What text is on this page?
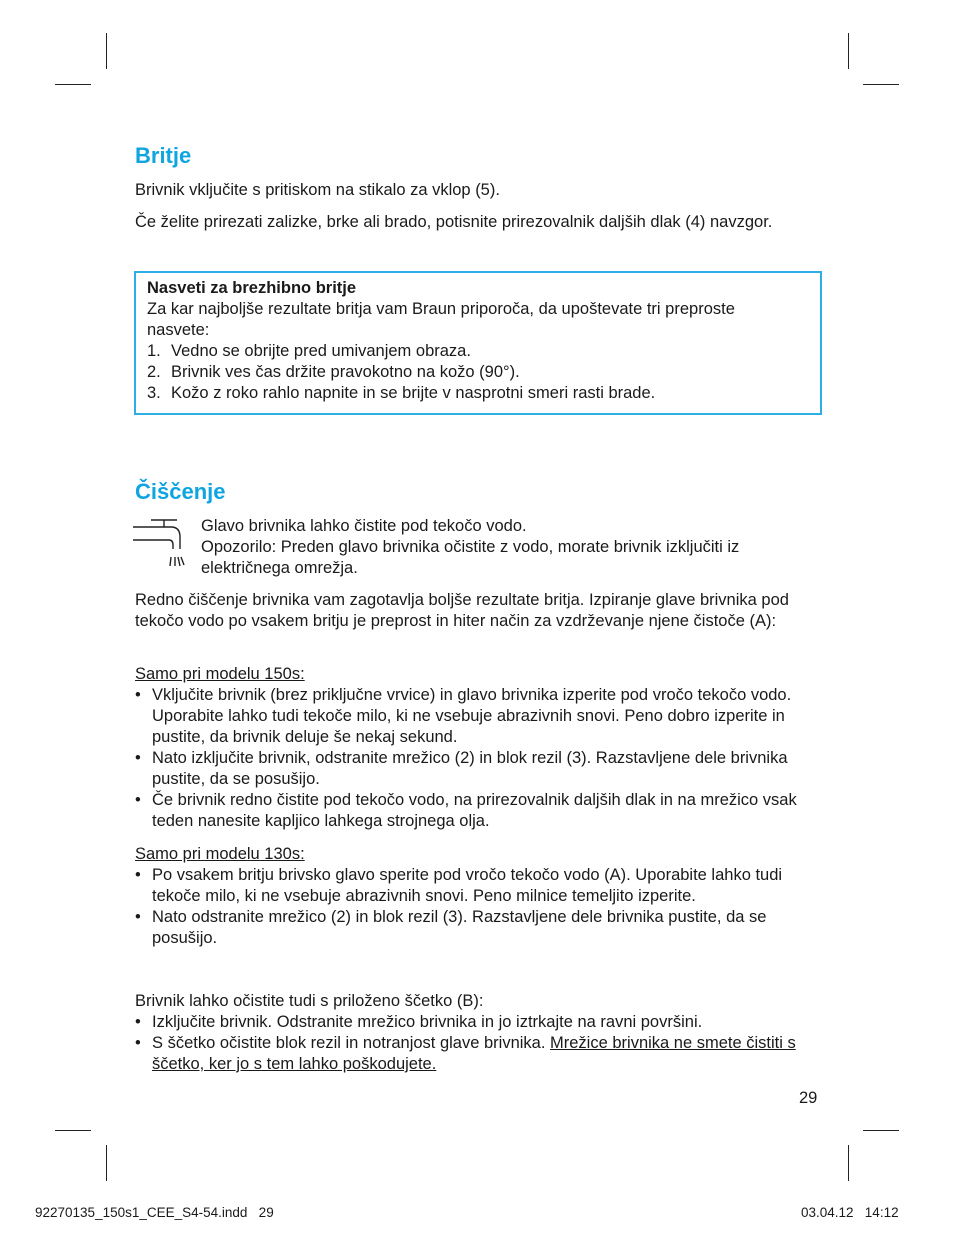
Britje

Brivnik vključite s pritiskom na stikalo za vklop (5).

Če želite prirezati zalizke, brke ali brado, potisnite prirezovalnik daljših dlak (4) navzgor.

Nasveti za brezhibno britje
Za kar najboljše rezultate britja vam Braun priporoča, da upoštevate tri preproste nasvete:
1. Vedno se obrijte pred umivanjem obraza.
2. Brivnik ves čas držite pravokotno na kožo (90°).
3. Kožo z roko rahlo napnite in se brijte v nasprotni smeri rasti brade.
Čiščenje
Glavo brivnika lahko čistite pod tekočo vodo.
Opozorilo: Preden glavo brivnika očistite z vodo, morate brivnik izključiti iz električnega omrežja.

Redno čiščenje brivnika vam zagotavlja boljše rezultate britja. Izpiranje glave brivnika pod tekočo vodo po vsakem britju je preprost in hiter način za vzdrževanje njene čistoče (A):

Samo pri modelu 150s:
• Vključite brivnik (brez priključne vrvice) in glavo brivnika izperite pod vročo tekočo vodo. Uporabite lahko tudi tekoče milo, ki ne vsebuje abrazivnih snovi. Peno dobro izperite in pustite, da brivnik deluje še nekaj sekund.
• Nato izključite brivnik, odstranite mrežico (2) in blok rezil (3). Razstavljene dele brivnika pustite, da se posušijo.
• Če brivnik redno čistite pod tekočo vodo, na prirezovalnik daljših dlak in na mrežico vsak teden nanesite kapljico lahkega strojnega olja.
Samo pri modelu 130s:
• Po vsakem britju brivsko glavo sperite pod vročo tekočo vodo (A). Uporabite lahko tudi tekoče milo, ki ne vsebuje abrazivnih snovi. Peno milnice temeljito izperite.
• Nato odstranite mrežico (2) in blok rezil (3). Razstavljene dele brivnika pustite, da se posušijo.
Brivnik lahko očistite tudi s priloženo ščetko (B):
• Izključite brivnik. Odstranite mrežico brivnika in jo iztrkajte na ravni površini.
• S ščetko očistite blok rezil in notranjost glave brivnika. Mrežice brivnika ne smete čistiti s ščetko, ker jo s tem lahko poškodujete.
29
92270135_150s1_CEE_S4-54.indd   29	03.04.12   14:12
